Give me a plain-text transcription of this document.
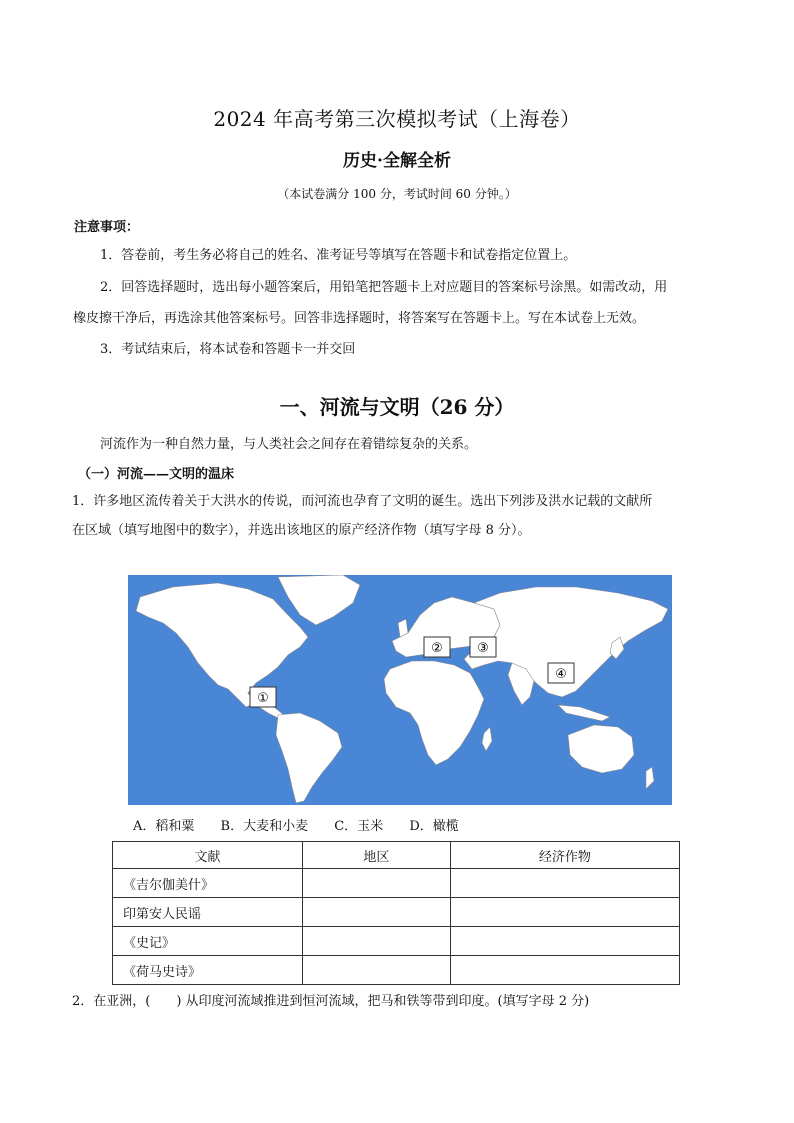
2024 年高考第三次模拟考试（上海卷）
历史·全解全析
（本试卷满分 100 分，考试时间 60 分钟。）
注意事项：
1．答卷前，考生务必将自己的姓名、准考证号等填写在答题卡和试卷指定位置上。
2．回答选择题时，选出每小题答案后，用铅笔把答题卡上对应题目的答案标号涂黑。如需改动，用
橡皮擦干净后，再选涂其他答案标号。回答非选择题时，将答案写在答题卡上。写在本试卷上无效。
3．考试结束后，将本试卷和答题卡一并交回
一、河流与文明（26 分）
河流作为一种自然力量，与人类社会之间存在着错综复杂的关系。
（一）河流——文明的温床
1．许多地区流传着关于大洪水的传说，而河流也孕育了文明的诞生。选出下列涉及洪水记载的文献所
在区域（填写地图中的数字），并选出该地区的原产经济作物（填写字母 8 分）。
①
②	③
④
A．稻和粟 B．大麦和小麦 C．玉米 D．橄榄
文献	地区	经济作物
《吉尔伽美什》		
印第安人民谣		
《史记》		
《荷马史诗》		
2．在亚洲，(　　) 从印度河流域推进到恒河流域，把马和铁等带到印度。(填写字母 2 分)
